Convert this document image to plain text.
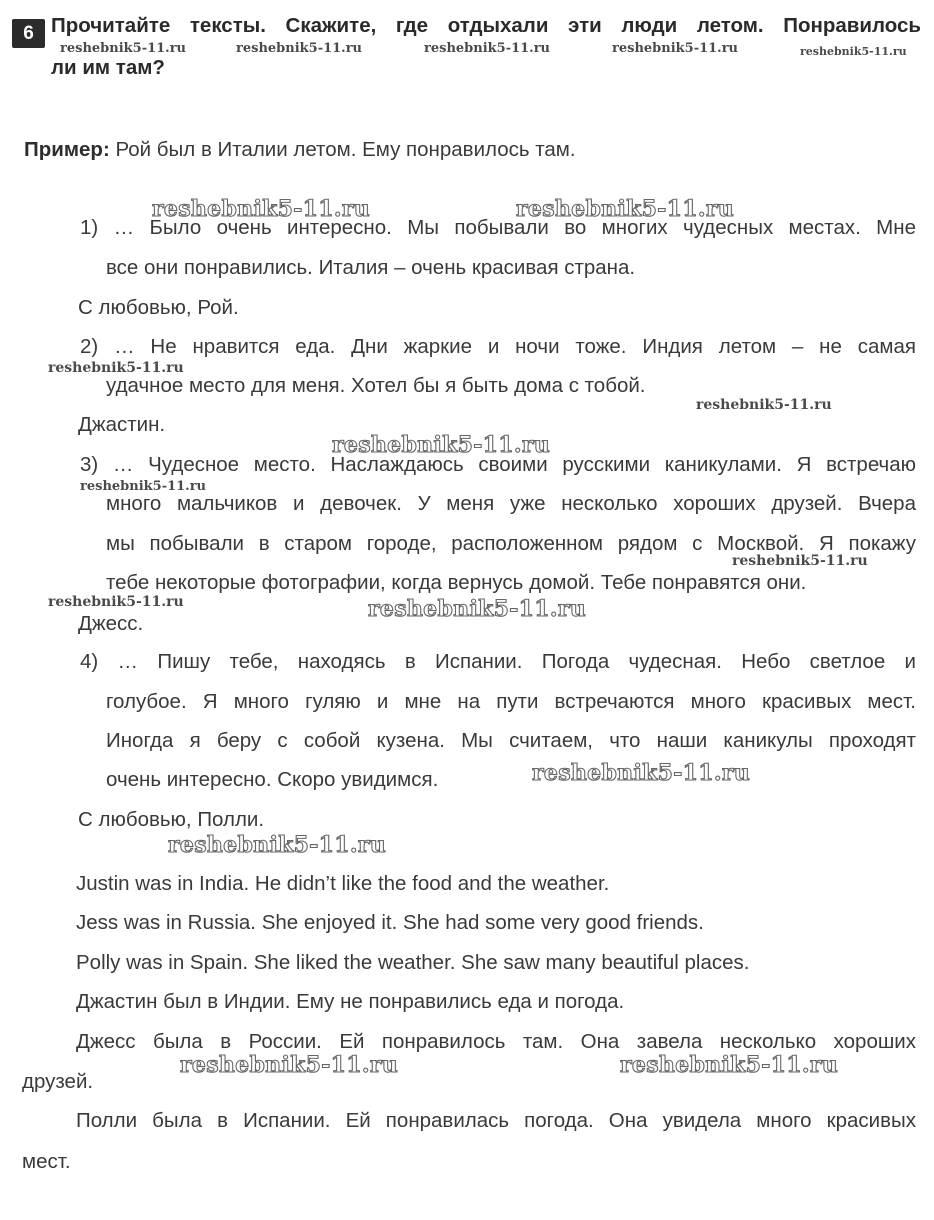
6 Прочитайте тексты. Скажите, где отдыхали эти люди летом. Понравилось
ли им там?
Пример: Рой был в Италии летом. Ему понравилось там.
1) … Было очень интересно. Мы побывали во многих чудесных местах. Мне
все они понравились. Италия – очень красивая страна.
С любовью, Рой.
2) … Не нравится еда. Дни жаркие и ночи тоже. Индия летом – не самая
удачное место для меня. Хотел бы я быть дома с тобой.
Джастин.
3) … Чудесное место. Наслаждаюсь своими русскими каникулами. Я встречаю
много мальчиков и девочек. У меня уже несколько хороших друзей. Вчера
мы побывали в старом городе, расположенном рядом с Москвой. Я покажу
тебе некоторые фотографии, когда вернусь домой. Тебе понравятся они.
Джесс.
4) … Пишу тебе, находясь в Испании. Погода чудесная. Небо светлое и
голубое. Я много гуляю и мне на пути встречаются много красивых мест.
Иногда я беру с собой кузена. Мы считаем, что наши каникулы проходят
очень интересно. Скоро увидимся.
С любовью, Полли.
Justin was in India. He didn’t like the food and the weather.
Jess was in Russia. She enjoyed it. She had some very good friends.
Polly was in Spain. She liked the weather. She saw many beautiful places.
Джастин был в Индии. Ему не понравились еда и погода.
Джесс была в России. Ей понравилось там. Она завела несколько хороших
друзей.
Полли была в Испании. Ей понравилась погода. Она увидела много красивых
мест.
reshebnik5-11.ru	reshebnik5-11.ru	reshebnik5-11.ru	reshebnik5-11.ru	reshebnik5-11.ru
reshebnik5-11.ru
reshebnik5-11.ru
reshebnik5-11.ru
reshebnik5-11.ru
reshebnik5-11.ru
reshebnik5-11.ru	reshebnik5-11.ru
reshebnik5-11.ru
reshebnik5-11.ru
reshebnik5-11.ru
reshebnik5-11.ru
reshebnik5-11.ru	reshebnik5-11.ru
